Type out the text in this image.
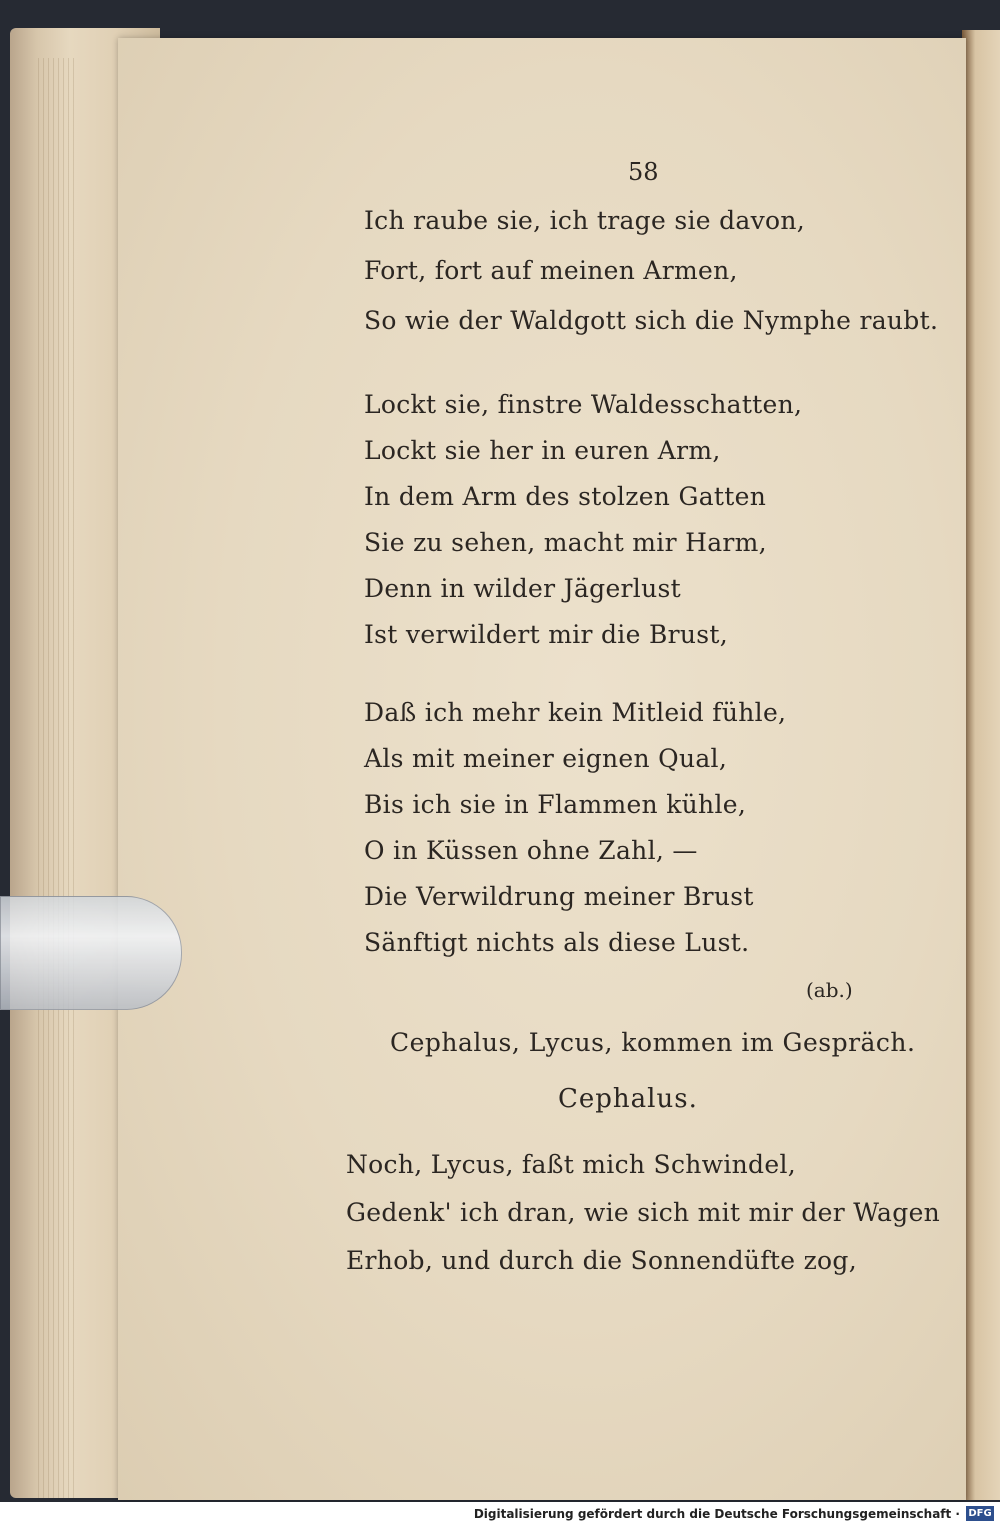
58
Ich raube sie, ich trage sie davon,
Fort, fort auf meinen Armen,
So wie der Waldgott sich die Nymphe raubt.
Lockt sie, finstre Waldesschatten,
Lockt sie her in euren Arm,
In dem Arm des stolzen Gatten
Sie zu sehen, macht mir Harm,
Denn in wilder Jägerlust
Ist verwildert mir die Brust,
Daß ich mehr kein Mitleid fühle,
Als mit meiner eignen Qual,
Bis ich sie in Flammen kühle,
O in Küssen ohne Zahl, —
Die Verwildrung meiner Brust
Sänftigt nichts als diese Lust.
(ab.)
Cephalus, Lycus, kommen im Gespräch.
Cephalus.
Noch, Lycus, faßt mich Schwindel,
Gedenk' ich dran, wie sich mit mir der Wagen
Erhob, und durch die Sonnendüfte zog,
Digitalisierung gefördert durch die Deutsche Forschungsgemeinschaft · DFG
